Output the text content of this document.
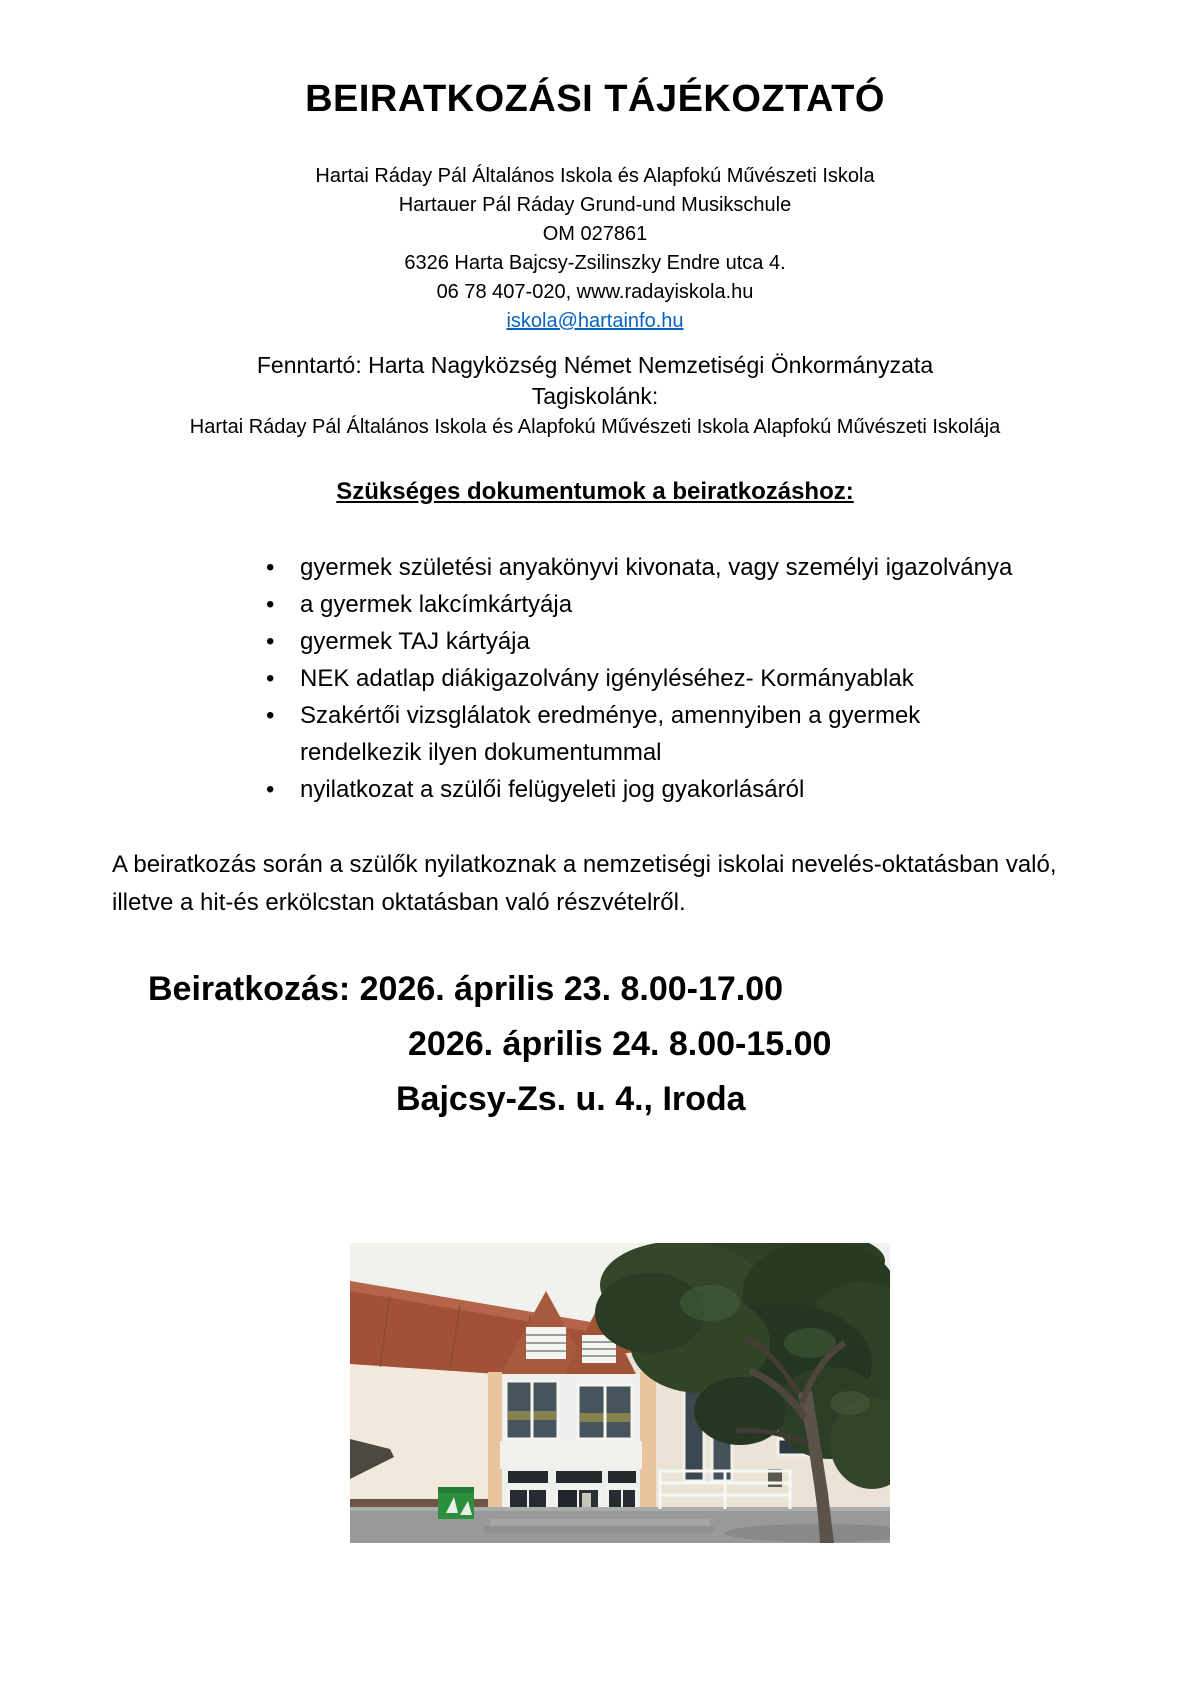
BEIRATKOZÁSI TÁJÉKOZTATÓ
Hartai Ráday Pál Általános Iskola és Alapfokú Művészeti Iskola
Hartauer Pál Ráday Grund-und Musikschule
OM 027861
6326 Harta Bajcsy-Zsilinszky Endre utca 4.
06 78 407-020, www.radayiskola.hu
iskola@hartainfo.hu
Fenntartó: Harta Nagyközség Német Nemzetiségi Önkormányzata
Tagiskolánk:
Hartai Ráday Pál Általános Iskola és Alapfokú Művészeti Iskola Alapfokú Művészeti Iskolája
Szükséges dokumentumok a beiratkozáshoz:
• gyermek születési anyakönyvi kivonata, vagy személyi igazolványa
• a gyermek lakcímkártyája
• gyermek TAJ kártyája
• NEK adatlap diákigazolvány igényléséhez- Kormányablak
• Szakértői vizsglálatok eredménye, amennyiben a gyermek rendelkezik ilyen dokumentummal
• nyilatkozat a szülői felügyeleti jog gyakorlásáról

A beiratkozás során a szülők nyilatkoznak a nemzetiségi iskolai nevelés-oktatásban való, illetve a hit-és erkölcstan oktatásban való részvételről.

Beiratkozás: 2026. április 23. 8.00-17.00
2026. április 24. 8.00-15.00
Bajcsy-Zs. u. 4., Iroda
